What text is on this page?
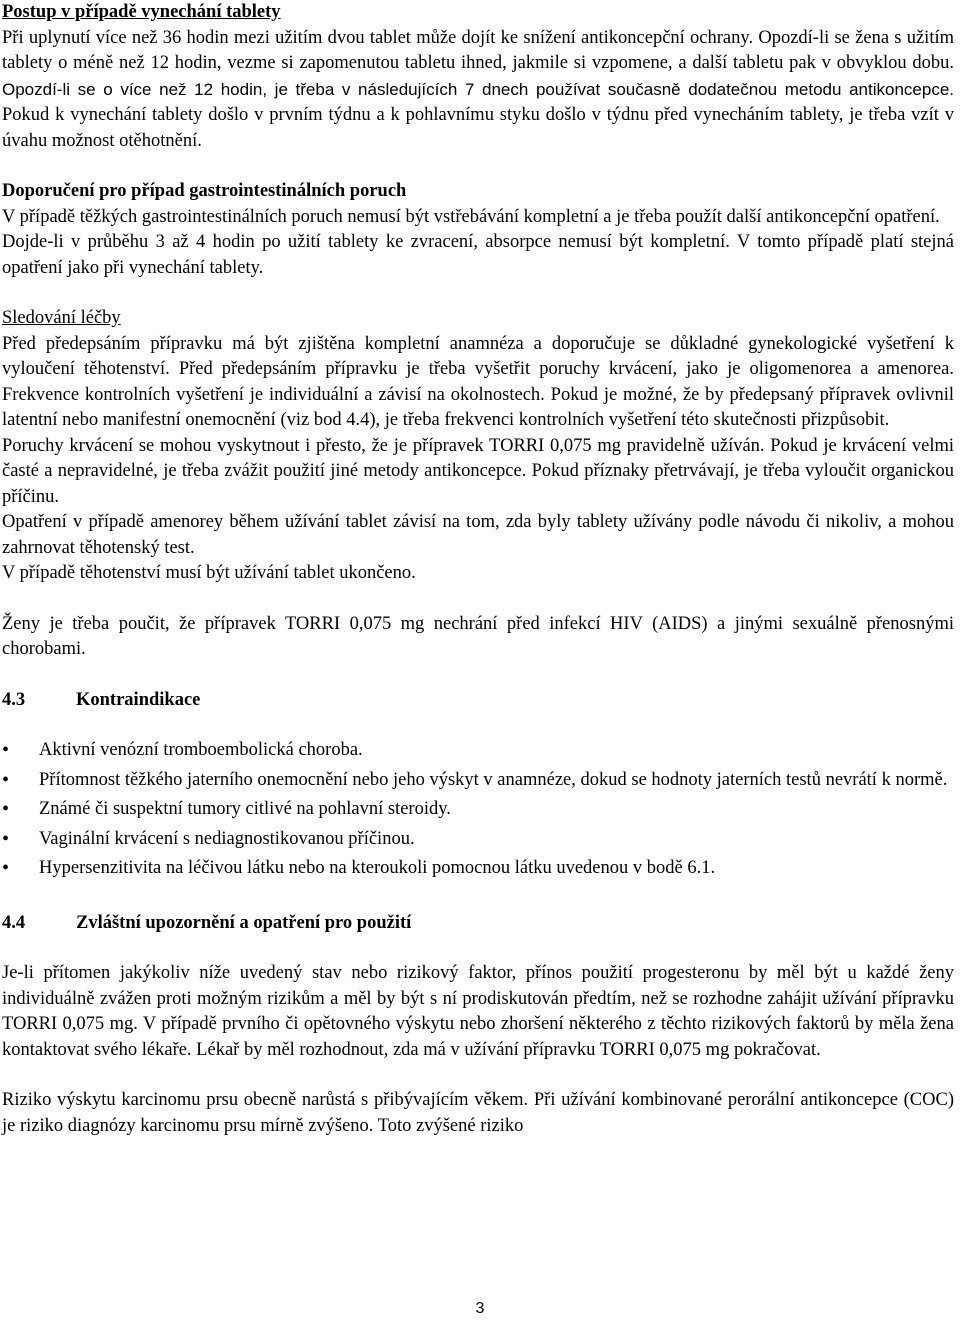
Postup v případě vynechání tablety

Při uplynutí více než 36 hodin mezi užitím dvou tablet může dojít ke snížení antikoncepční ochrany. Opozdí-li se žena s užitím tablety o méně než 12 hodin, vezme si zapomenutou tabletu ihned, jakmile si vzpomene, a další tabletu pak v obvyklou dobu. Opozdí-li se o více než 12 hodin, je třeba v následujících 7 dnech používat současně dodatečnou metodu antikoncepce. Pokud k vynechání tablety došlo v prvním týdnu a k pohlavnímu styku došlo v týdnu před vynecháním tablety, je třeba vzít v úvahu možnost otěhotnění.

Doporučení pro případ gastrointestinálních poruch

V případě těžkých gastrointestinálních poruch nemusí být vstřebávání kompletní a je třeba použít další antikoncepční opatření.

Dojde-li v průběhu 3 až 4 hodin po užití tablety ke zvracení, absorpce nemusí být kompletní. V tomto případě platí stejná opatření jako při vynechání tablety.

Sledování léčby

Před předepsáním přípravku má být zjištěna kompletní anamnéza a doporučuje se důkladné gynekologické vyšetření k vyloučení těhotenství. Před předepsáním přípravku je třeba vyšetřit poruchy krvácení, jako je oligomenorea a amenorea. Frekvence kontrolních vyšetření je individuální a závisí na okolnostech. Pokud je možné, že by předepsaný přípravek ovlivnil latentní nebo manifestní onemocnění (viz bod 4.4), je třeba frekvenci kontrolních vyšetření této skutečnosti přizpůsobit.

Poruchy krvácení se mohou vyskytnout i přesto, že je přípravek TORRI 0,075 mg pravidelně užíván. Pokud je krvácení velmi časté a nepravidelné, je třeba zvážit použití jiné metody antikoncepce. Pokud příznaky přetrvávají, je třeba vyloučit organickou příčinu.

Opatření v případě amenorey během užívání tablet závisí na tom, zda byly tablety užívány podle návodu či nikoliv, a mohou zahrnovat těhotenský test.

V případě těhotenství musí být užívání tablet ukončeno.

Ženy je třeba poučit, že přípravek TORRI 0,075 mg nechrání před infekcí HIV (AIDS) a jinými sexuálně přenosnými chorobami.

4.3	Kontraindikace

• Aktivní venózní tromboembolická choroba.
• Přítomnost těžkého jaterního onemocnění nebo jeho výskyt v anamnéze, dokud se hodnoty jaterních testů nevrátí k normě.
• Známé či suspektní tumory citlivé na pohlavní steroidy.
• Vaginální krvácení s nediagnostikovanou příčinou.
• Hypersenzitivita na léčivou látku nebo na kteroukoli pomocnou látku uvedenou v bodě 6.1.

4.4	Zvláštní upozornění a opatření pro použití

Je-li přítomen jakýkoliv níže uvedený stav nebo rizikový faktor, přínos použití progesteronu by měl být u každé ženy individuálně zvážen proti možným rizikům a měl by být s ní prodiskutován předtím, než se rozhodne zahájit užívání přípravku TORRI 0,075 mg. V případě prvního či opětovného výskytu nebo zhoršení některého z těchto rizikových faktorů by měla žena kontaktovat svého lékaře. Lékař by měl rozhodnout, zda má v užívání přípravku TORRI 0,075 mg pokračovat.

Riziko výskytu karcinomu prsu obecně narůstá s přibývajícím věkem. Při užívání kombinované perorální antikoncepce (COC) je riziko diagnózy karcinomu prsu mírně zvýšeno. Toto zvýšené riziko

3
